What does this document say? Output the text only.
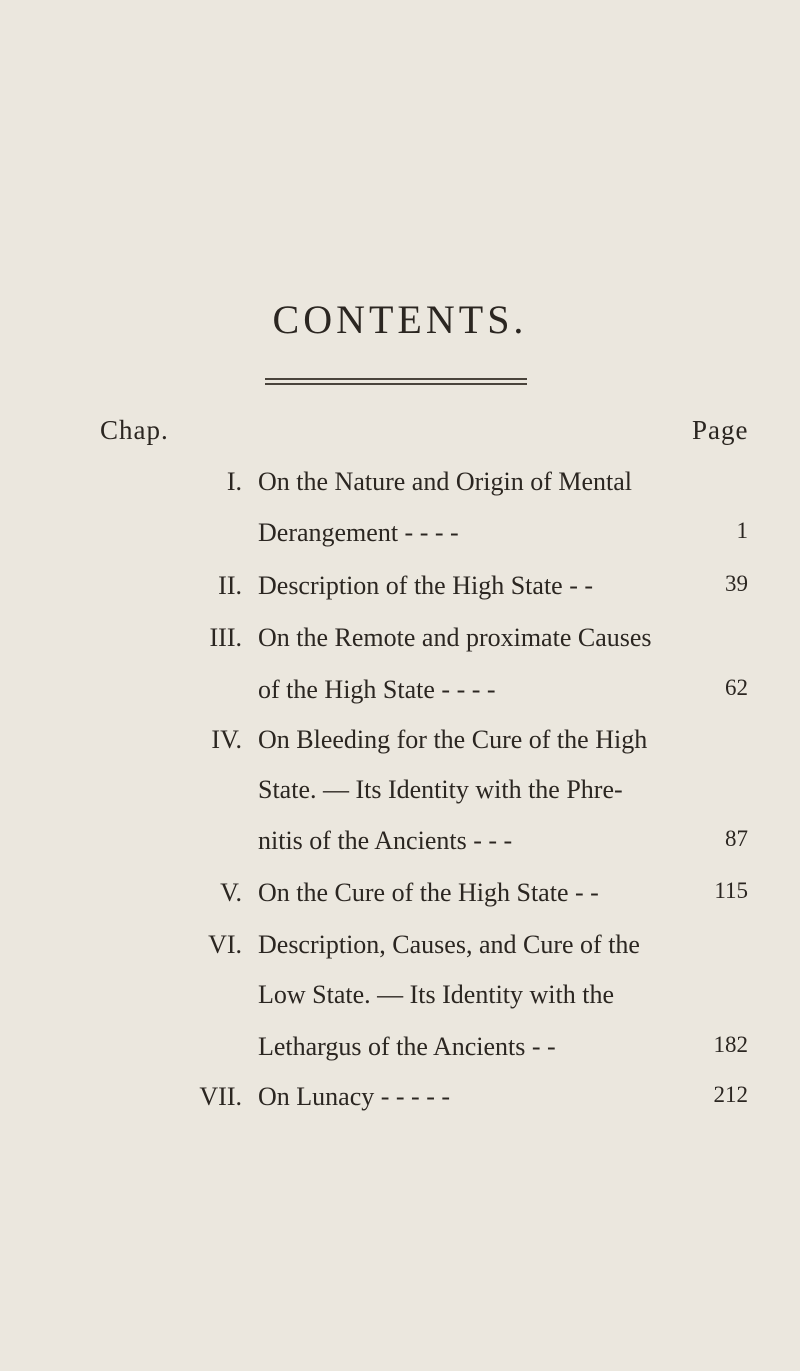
CONTENTS.
Chap.	Page
I. On the Nature and Origin of Mental
Derangement - - - -	1
II. Description of the High State - -	39
III. On the Remote and proximate Causes
of the High State - - - -	62
IV. On Bleeding for the Cure of the High
State. — Its Identity with the Phre-
nitis of the Ancients - - -	87
V. On the Cure of the High State - -	115
VI. Description, Causes, and Cure of the
Low State. — Its Identity with the
Lethargus of the Ancients - -	182
VII. On Lunacy - - - - -	212
